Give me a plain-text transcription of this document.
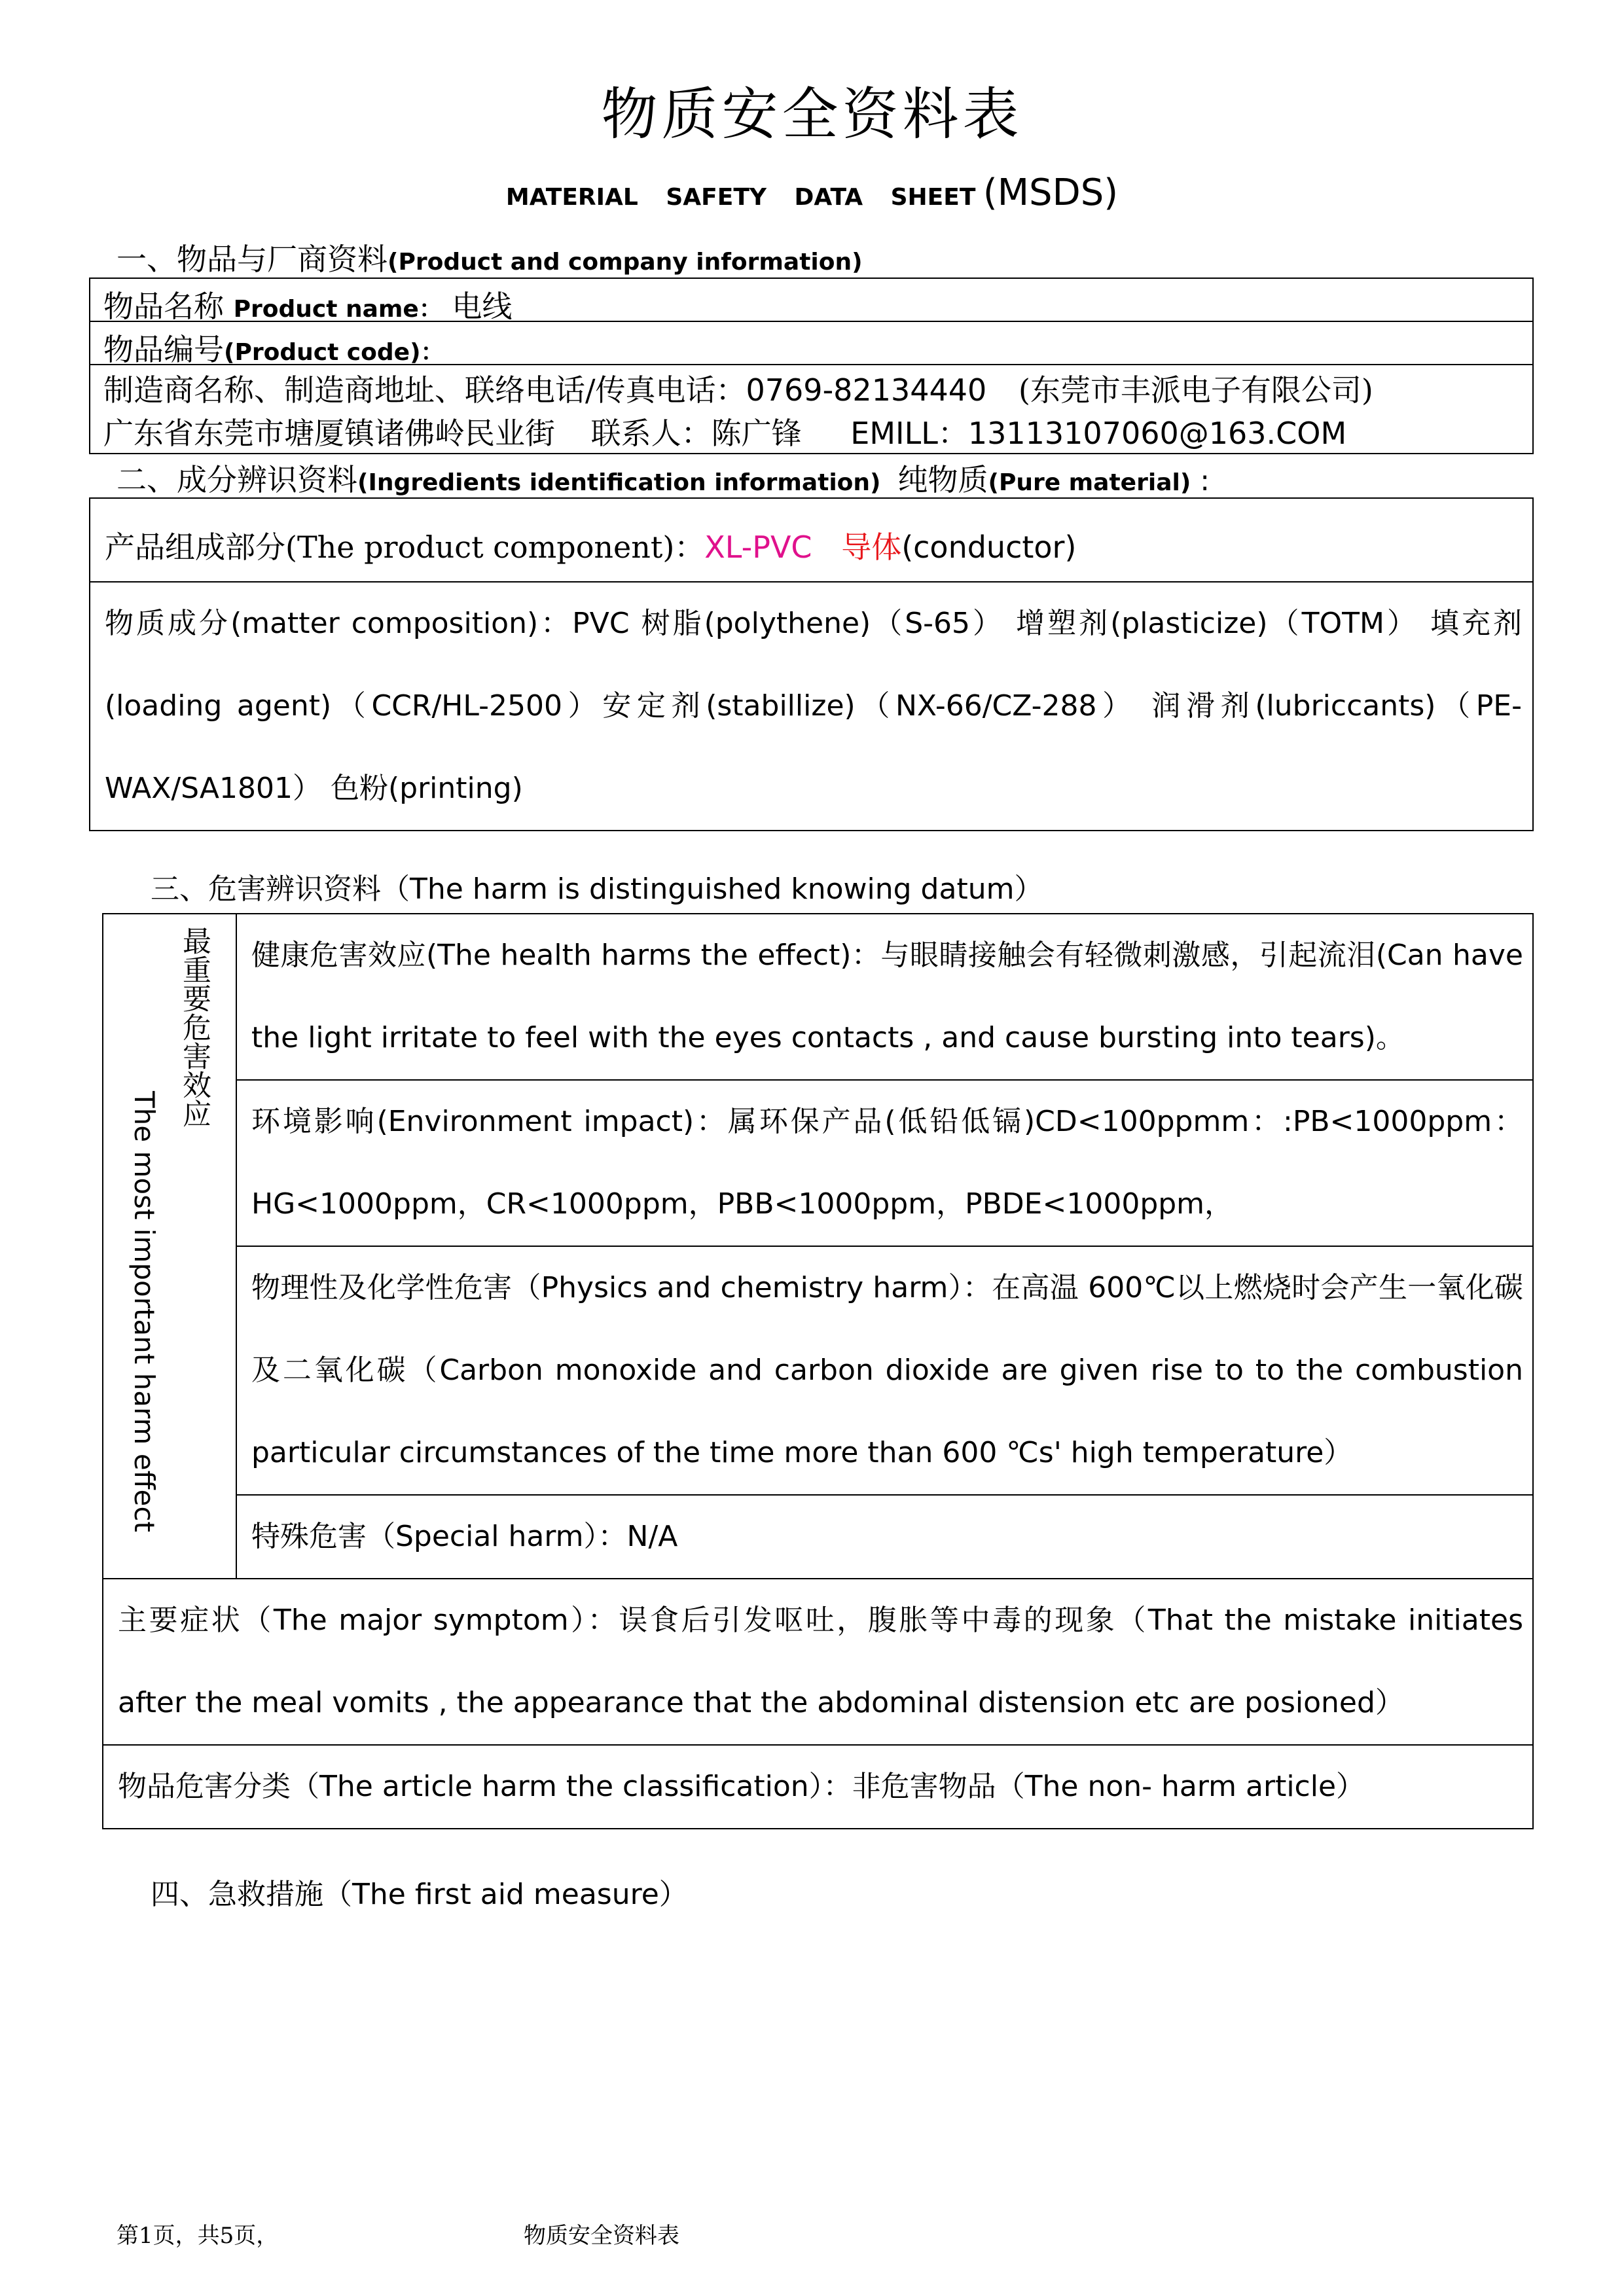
物质安全资料表
MATERIAL SAFETY DATA SHEET (MSDS)
一、物品与厂商资料(Product and company information)
物品名称 Product name： 电线
物品编号(Product code)：
制造商名称、制造商地址、联络电话/传真电话：0769-82134440 (东莞市丰派电子有限公司)
广东省东莞市塘厦镇诸佛岭民业街 联系人：陈广锋 EMILL：13113107060@163.COM
二、成分辨识资料(Ingredients identification information) 纯物质(Pure material) :
产品组成部分(The product component)：XL-PVC 导体(conductor)
物质成分(matter composition)：PVC 树脂(polythene)（S-65） 增塑剂(plasticize)（TOTM） 填充剂(loading agent)（CCR/HL-2500）安定剂(stabillize)（NX-66/CZ-288） 润滑剂(lubriccants)（PE-WAX/SA1801） 色粉(printing)
三、危害辨识资料（The harm is distinguished knowing datum）
最重要危害效应
The most important harm effect
健康危害效应(The health harms the effect)：与眼睛接触会有轻微刺激感，引起流泪(Can have the light irritate to feel with the eyes contacts , and cause bursting into tears)。
环境影响(Environment impact)：属环保产品(低铅低镉)CD<100ppmm：:PB<1000ppm：HG<1000ppm，CR<1000ppm，PBB<1000ppm，PBDE<1000ppm，
物理性及化学性危害（Physics and chemistry harm）：在高温 600℃以上燃烧时会产生一氧化碳及二氧化碳（Carbon monoxide and carbon dioxide are given rise to to the combustion particular circumstances of the time more than 600 ℃s' high temperature）
特殊危害（Special harm）：N/A
主要症状（The major symptom）：误食后引发呕吐，腹胀等中毒的现象（That the mistake initiates after the meal vomits , the appearance that the abdominal distension etc are posioned）
物品危害分类（The article harm the classification）：非危害物品（The non- harm article）
四、急救措施（The first aid measure）
第1页，共5页，	物质安全资料表
